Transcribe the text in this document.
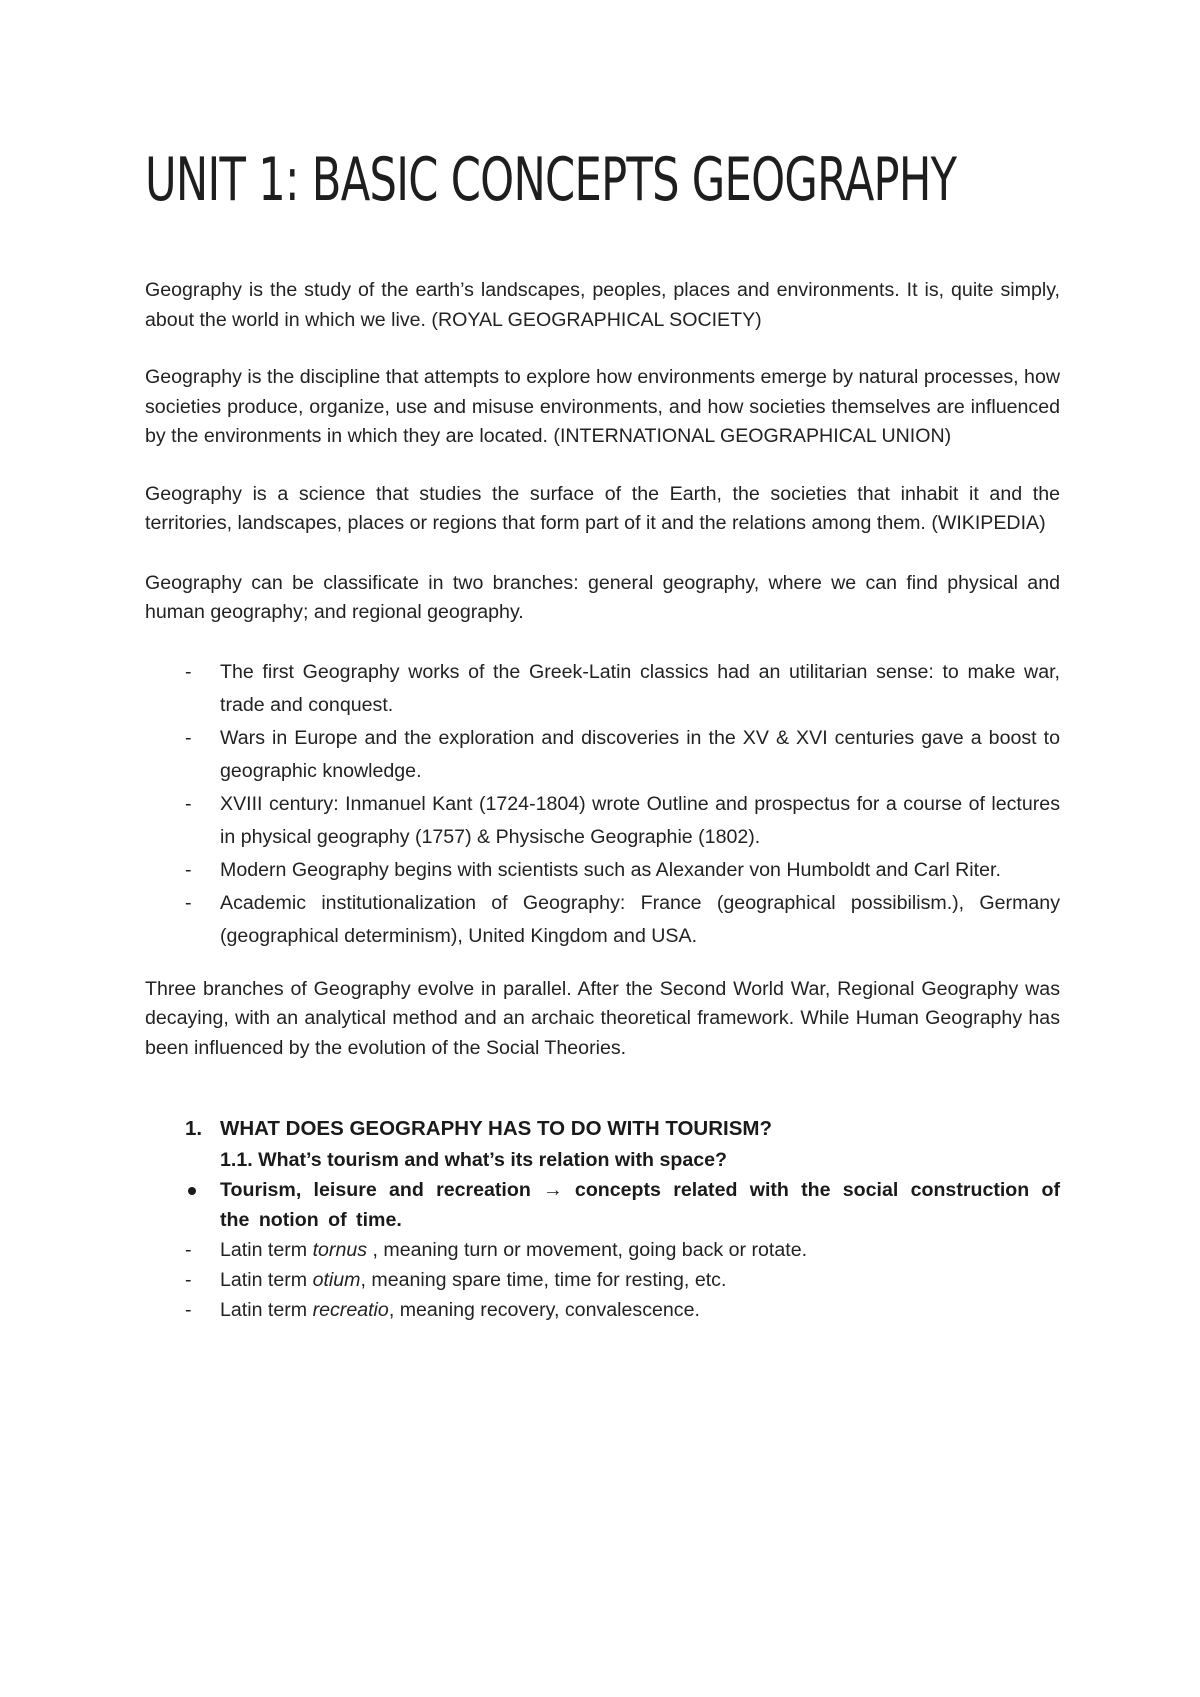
UNIT 1: BASIC CONCEPTS GEOGRAPHY

Geography is the study of the earth’s landscapes, peoples, places and environments. It is, quite simply, about the world in which we live. (ROYAL GEOGRAPHICAL SOCIETY)

Geography is the discipline that attempts to explore how environments emerge by natural processes, how societies produce, organize, use and misuse environments, and how societies themselves are influenced by the environments in which they are located. (INTERNATIONAL GEOGRAPHICAL UNION)

Geography is a science that studies the surface of the Earth, the societies that inhabit it and the territories, landscapes, places or regions that form part of it and the relations among them. (WIKIPEDIA)

Geography can be classificate in two branches: general geography, where we can find physical and human geography; and regional geography.

- The first Geography works of the Greek-Latin classics had an utilitarian sense: to make war, trade and conquest.
- Wars in Europe and the exploration and discoveries in the XV & XVI centuries gave a boost to geographic knowledge.
- XVIII century: Inmanuel Kant (1724-1804) wrote Outline and prospectus for a course of lectures in physical geography (1757) & Physische Geographie (1802).
- Modern Geography begins with scientists such as Alexander von Humboldt and Carl Riter.
- Academic institutionalization of Geography: France (geographical possibilism.), Germany (geographical determinism), United Kingdom and USA.

Three branches of Geography evolve in parallel. After the Second World War, Regional Geography was decaying, with an analytical method and an archaic theoretical framework. While Human Geography has been influenced by the evolution of the Social Theories.

1. WHAT DOES GEOGRAPHY HAS TO DO WITH TOURISM?
1.1. What’s tourism and what’s its relation with space?
Tourism, leisure and recreation → concepts related with the social construction of the notion of time.
- Latin term tornus , meaning turn or movement, going back or rotate.
- Latin term otium, meaning spare time, time for resting, etc.
- Latin term recreatio, meaning recovery, convalescence.
